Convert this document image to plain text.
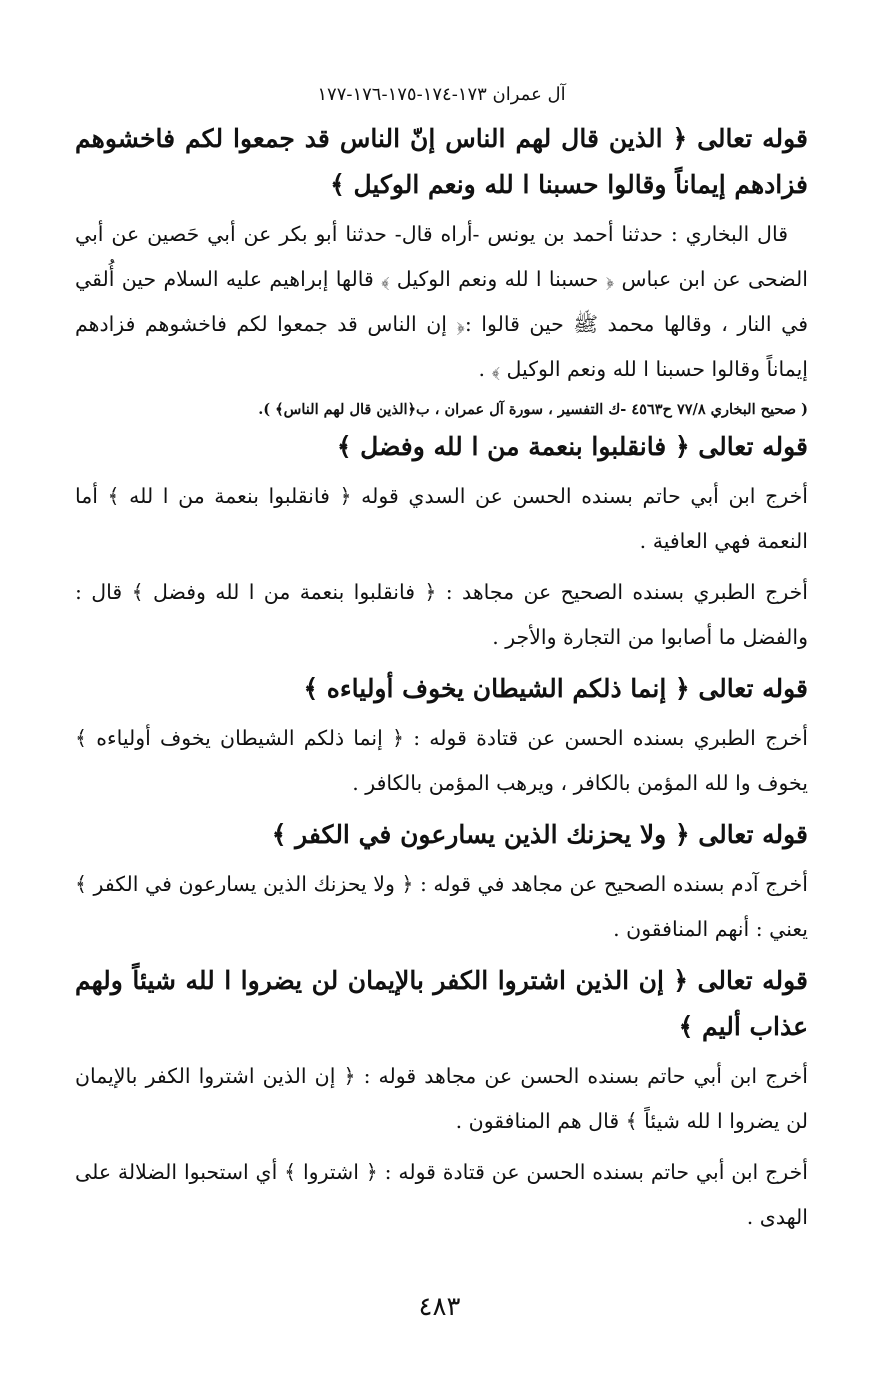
آل عمران ١٧٣-١٧٤-١٧٥-١٧٦-١٧٧
قوله تعالى ﴿ الذين قال لهم الناس إنّ الناس قد جمعوا لكم فاخشوهم فزادهم إيماناً وقالوا حسبنا ا لله ونعم الوكيل ﴾
قال البخاري : حدثنا أحمد بن يونس -أراه قال- حدثنا أبو بكر عن أبي حَصين عن أبي الضحى عن ابن عباس ﴿ حسبنا ا لله ونعم الوكيل ﴾ قالها إبراهيم عليه السلام حين أُلقي في النار ، وقالها محمد ﷺ حين قالوا :﴿ إن الناس قد جمعوا لكم فاخشوهم فزادهم إيماناً وقالوا حسبنا ا لله ونعم الوكيل ﴾ .
( صحيح البخاري ٧٧/٨ ح٤٥٦٣ -ك التفسير ، سورة آل عمران ، ب﴿الذين قال لهم الناس﴾ ).
قوله تعالى ﴿ فانقلبوا بنعمة من ا لله وفضل ﴾
أخرج ابن أبي حاتم بسنده الحسن عن السدي قوله ﴿ فانقلبوا بنعمة من ا لله ﴾ أما النعمة فهي العافية .
أخرج الطبري بسنده الصحيح عن مجاهد : ﴿ فانقلبوا بنعمة من ا لله وفضل ﴾ قال : والفضل ما أصابوا من التجارة والأجر .
قوله تعالى ﴿ إنما ذلكم الشيطان يخوف أولياءه ﴾
أخرج الطبري بسنده الحسن عن قتادة قوله : ﴿ إنما ذلكم الشيطان يخوف أولياءه ﴾ يخوف وا لله المؤمن بالكافر ، ويرهب المؤمن بالكافر .
قوله تعالى ﴿ ولا يحزنك الذين يسارعون في الكفر ﴾
أخرج آدم بسنده الصحيح عن مجاهد في قوله : ﴿ ولا يحزنك الذين يسارعون في الكفر ﴾ يعني : أنهم المنافقون .
قوله تعالى ﴿ إن الذين اشتروا الكفر بالإيمان لن يضروا ا لله شيئاً ولهم عذاب أليم ﴾
أخرج ابن أبي حاتم بسنده الحسن عن مجاهد قوله : ﴿ إن الذين اشتروا الكفر بالإيمان لن يضروا ا لله شيئاً ﴾ قال هم المنافقون .
أخرج ابن أبي حاتم بسنده الحسن عن قتادة قوله : ﴿ اشتروا ﴾ أي استحبوا الضلالة على الهدى .
٤٨٣
